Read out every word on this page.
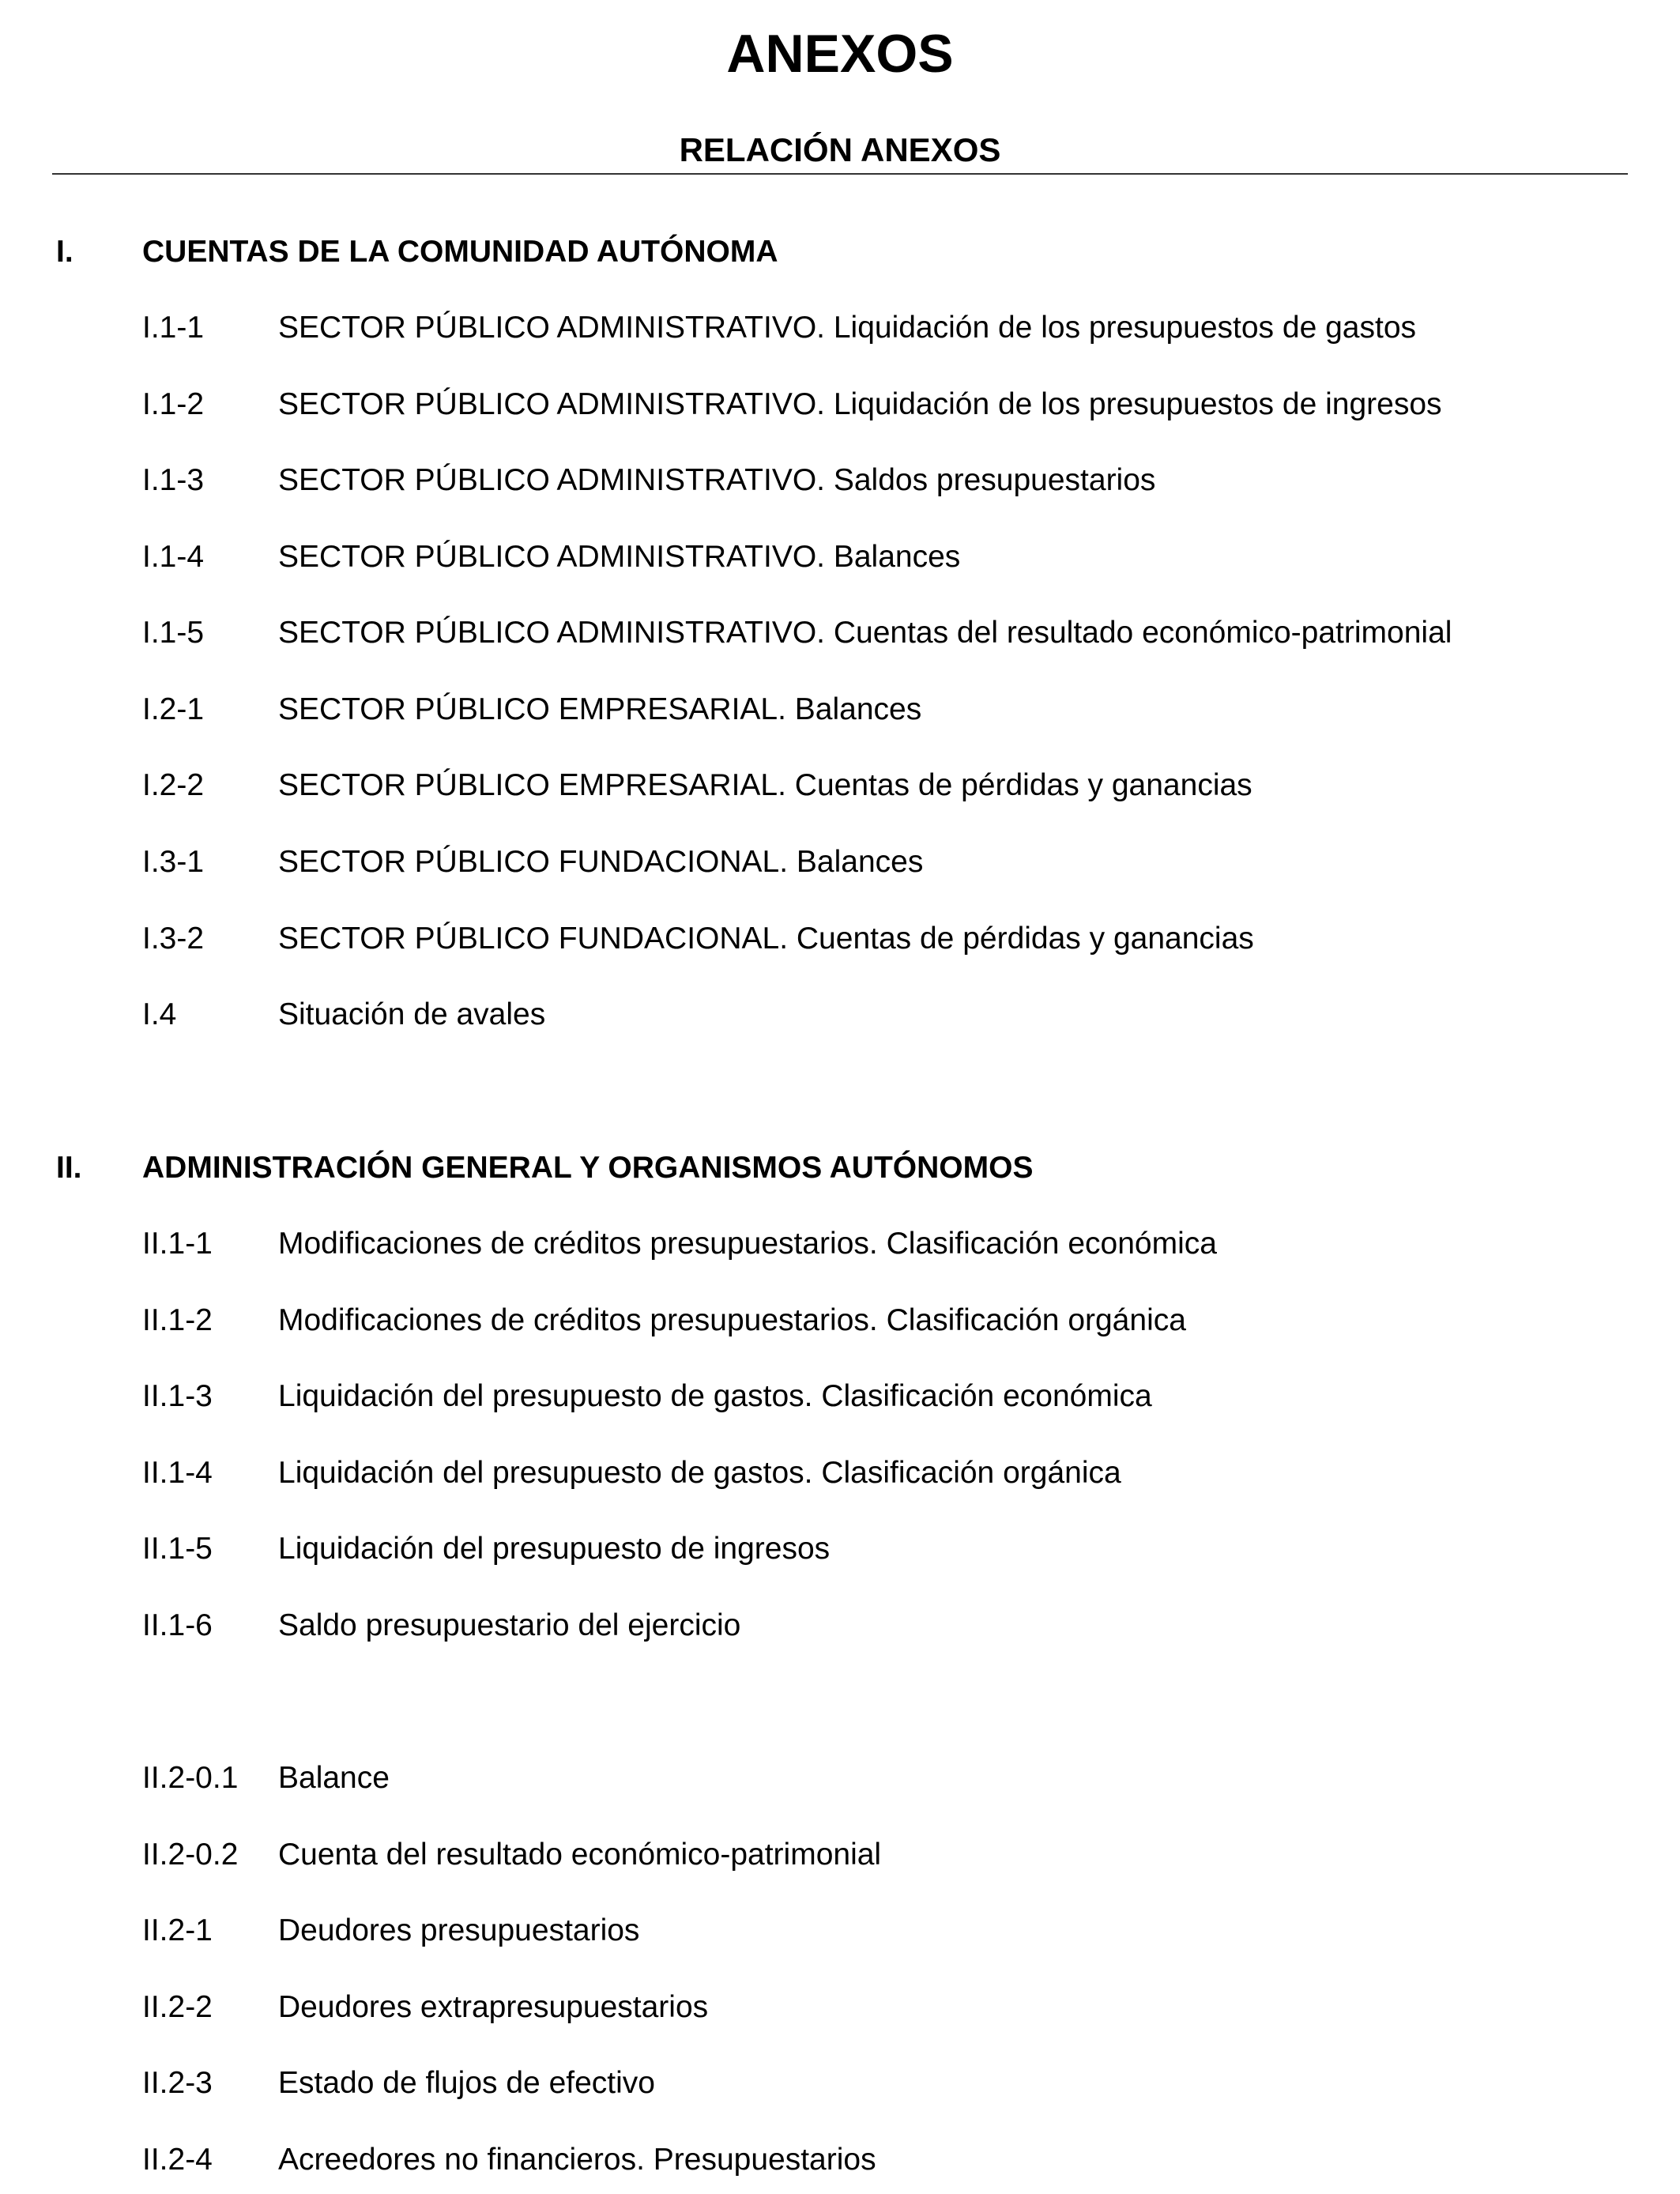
ANEXOS
RELACIÓN ANEXOS
I. CUENTAS DE LA COMUNIDAD AUTÓNOMA
I.1-1 SECTOR PÚBLICO ADMINISTRATIVO. Liquidación de los presupuestos de gastos
I.1-2 SECTOR PÚBLICO ADMINISTRATIVO. Liquidación de los presupuestos de ingresos
I.1-3 SECTOR PÚBLICO ADMINISTRATIVO. Saldos presupuestarios
I.1-4 SECTOR PÚBLICO ADMINISTRATIVO. Balances
I.1-5 SECTOR PÚBLICO ADMINISTRATIVO. Cuentas del resultado económico-patrimonial
I.2-1 SECTOR PÚBLICO EMPRESARIAL. Balances
I.2-2 SECTOR PÚBLICO EMPRESARIAL. Cuentas de pérdidas y ganancias
I.3-1 SECTOR PÚBLICO FUNDACIONAL. Balances
I.3-2 SECTOR PÚBLICO FUNDACIONAL. Cuentas de pérdidas y ganancias
I.4	Situación de avales
II. ADMINISTRACIÓN GENERAL Y ORGANISMOS AUTÓNOMOS
II.1-1 Modificaciones de créditos presupuestarios. Clasificación económica
II.1-2 Modificaciones de créditos presupuestarios. Clasificación orgánica
II.1-3 Liquidación del presupuesto de gastos. Clasificación económica
II.1-4 Liquidación del presupuesto de gastos. Clasificación orgánica
II.1-5 Liquidación del presupuesto de ingresos
II.1-6 Saldo presupuestario del ejercicio
II.2-0.1 Balance
II.2-0.2 Cuenta del resultado económico-patrimonial
II.2-1 Deudores presupuestarios
II.2-2 Deudores extrapresupuestarios
II.2-3 Estado de flujos de efectivo
II.2-4 Acreedores no financieros. Presupuestarios
